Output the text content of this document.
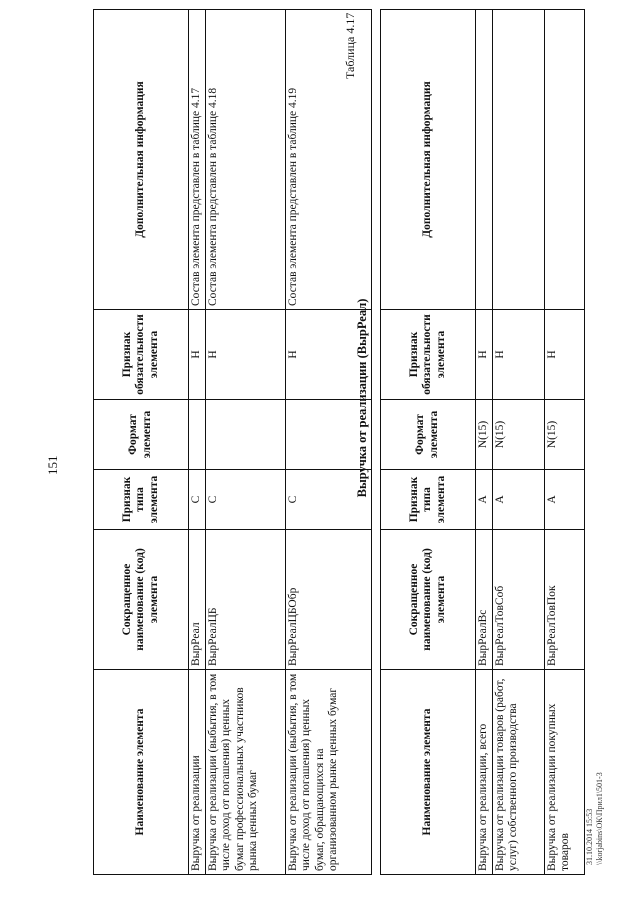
151
Наименование элемента	Сокращенное наименование (код) элемента	Признак типа элемента	Формат элемента	Признак обязательности элемента	Дополнительная информация
Выручка от реализации	ВырРеал	С		Н	Состав элемента представлен в таблице 4.17
Выручка от реализации (выбытия, в том числе доход от погашения) ценных бумаг профессиональных участников рынка ценных бумаг	ВырРеалЦБ	С		Н	Состав элемента представлен в таблице 4.18
Выручка от реализации (выбытия, в том числе доход от погашения) ценных бумаг, обращающихся на организованном рынке ценных бумаг	ВырРеалЦБОбр	С		Н	Состав элемента представлен в таблице 4.19
Таблица 4.17
Выручка от реализации (ВырРеал)
Наименование элемента	Сокращенное наименование (код) элемента	Признак типа элемента	Формат элемента	Признак обязательности элемента	Дополнительная информация
Выручка от реализации, всего	ВырРеалВс	А	N(15)	Н	
Выручка от реализации товаров (работ, услуг) собственного производства	ВырРеалТовСоб	А	N(15)	Н	
Выручка от реализации покупных товаров	ВырРеалТовПок	А	N(15)	Н	
31.10.2014 15:53 \\korjabins\ОК\Прил1\501-3
